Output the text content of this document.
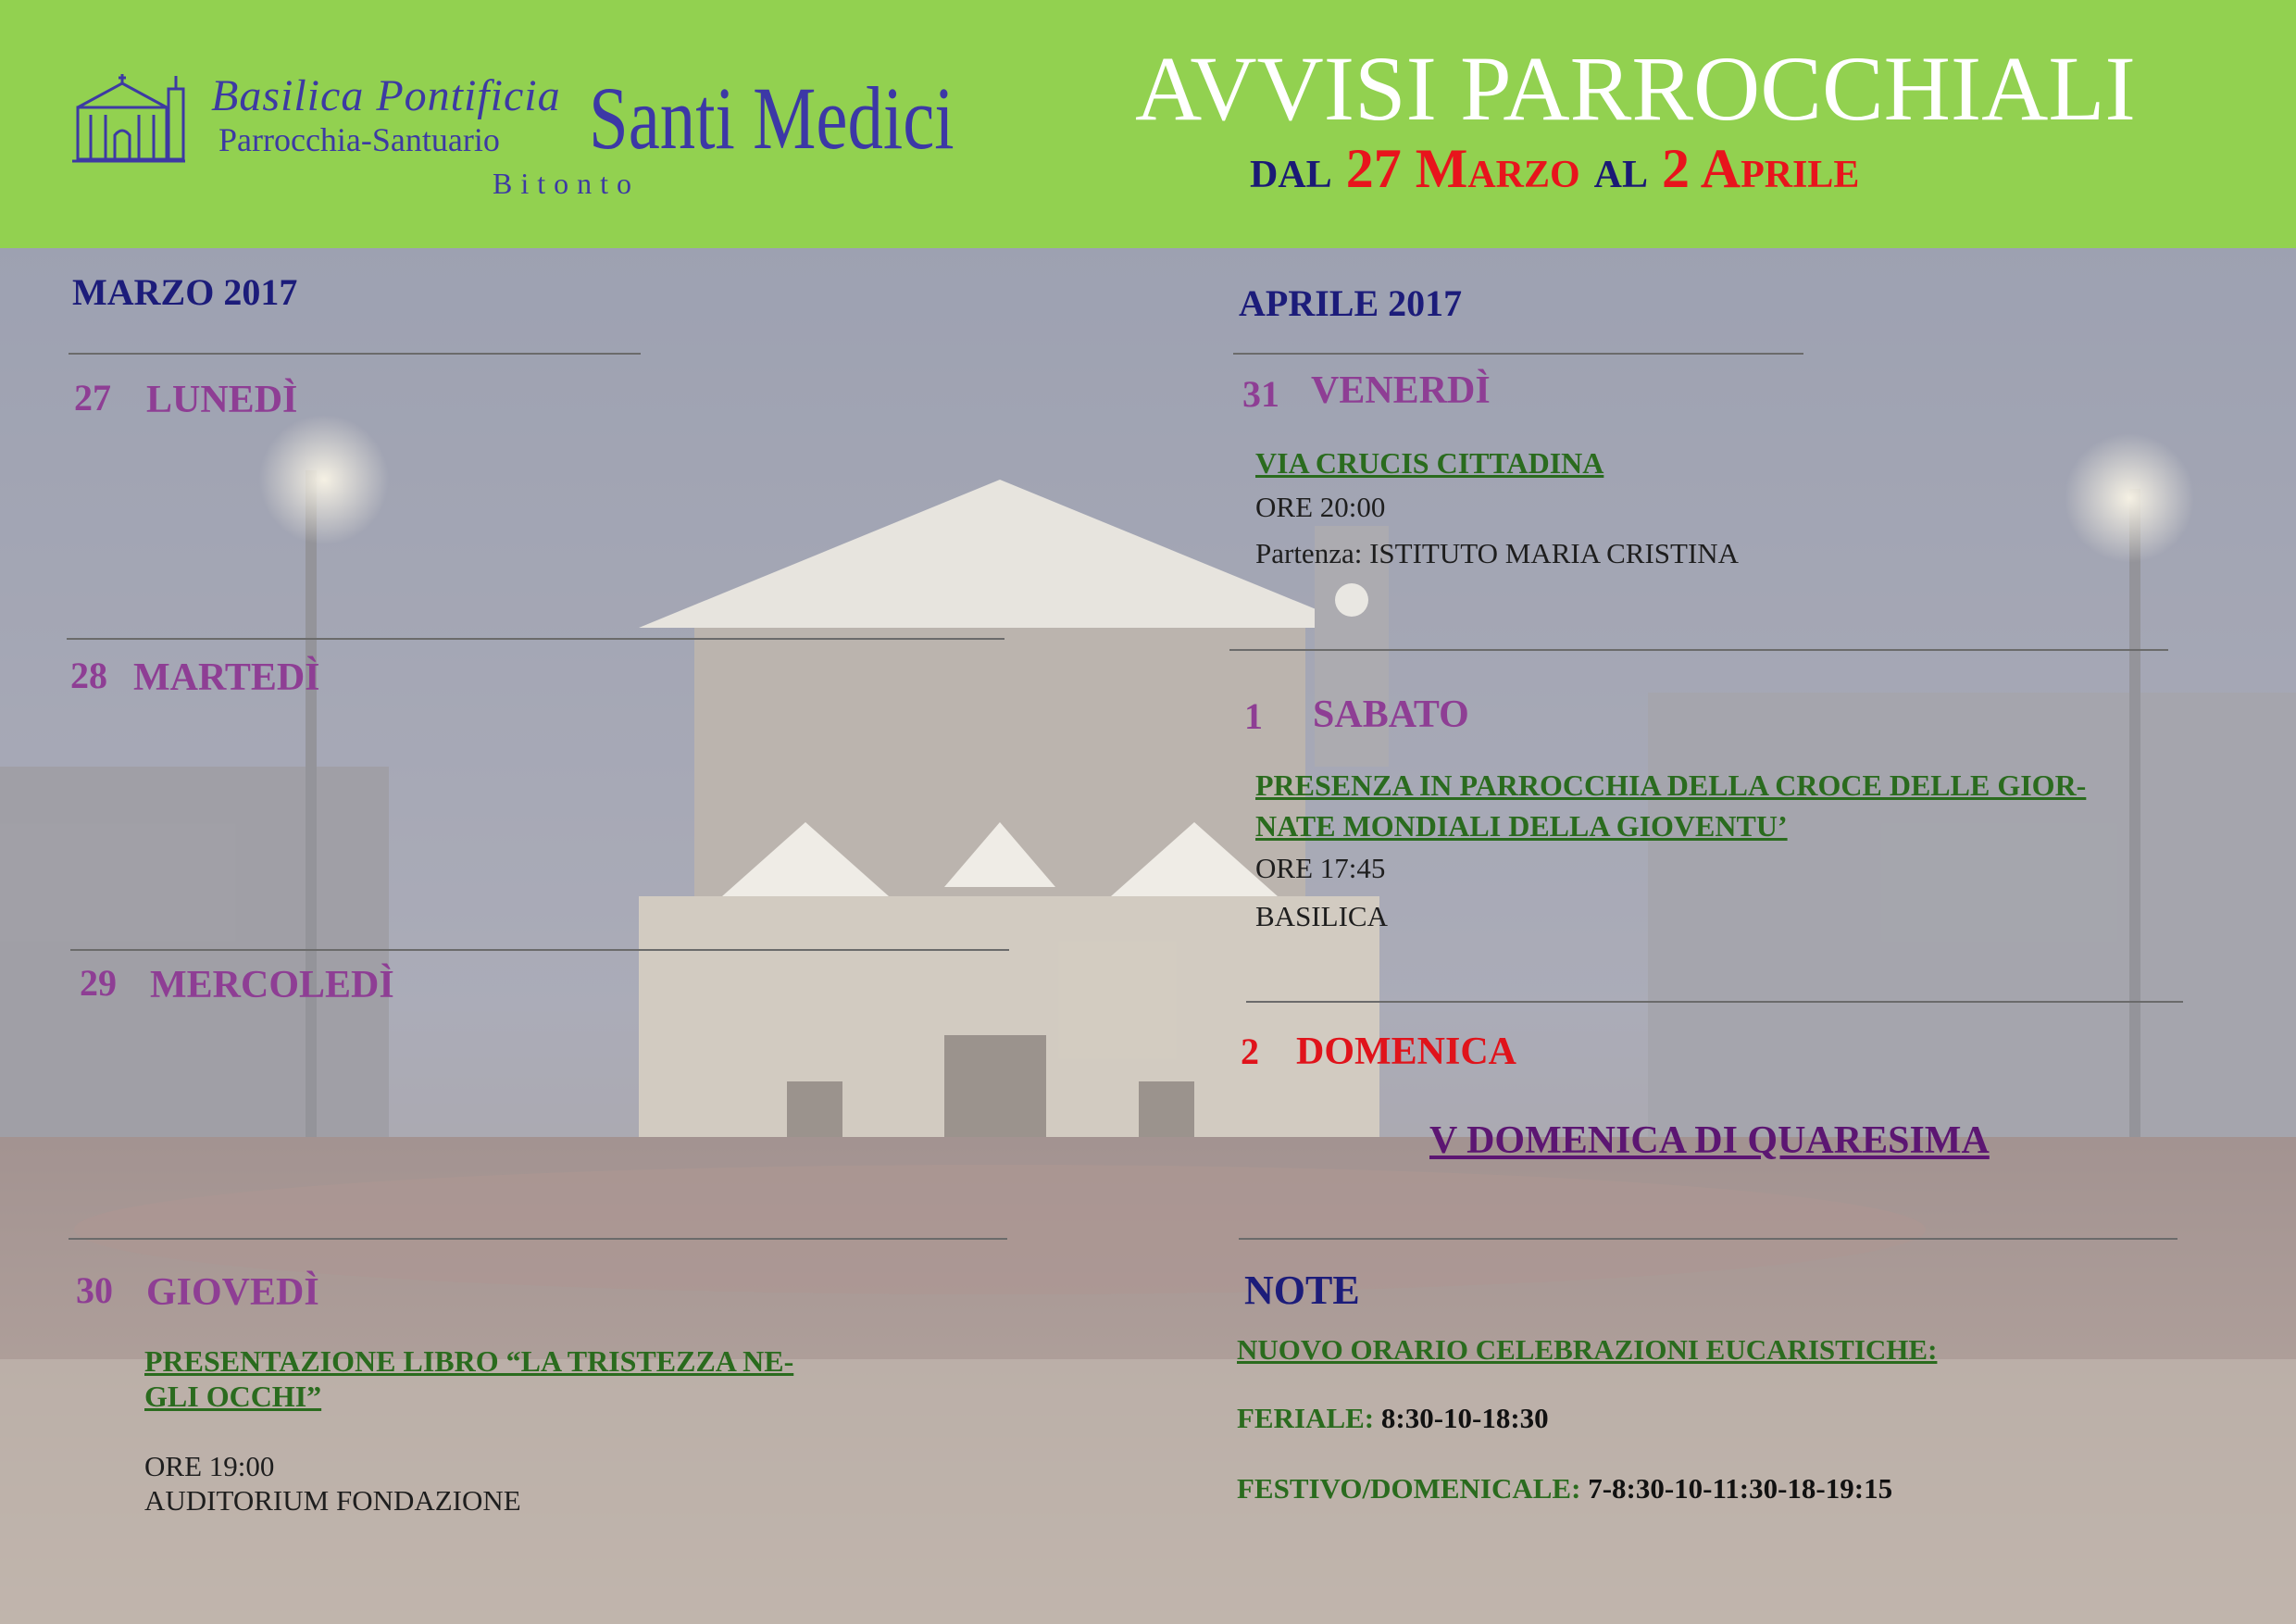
Basilica Pontificia
Parrocchia-Santuario
Bitonto
Santi Medici AVVISI PARROCCHIALI
dal 27 Marzo al 2 Aprile
MARZO 2017
27 LUNEDÌ
28 MARTEDÌ
29 MERCOLEDÌ
30 GIOVEDÌ
PRESENTAZIONE LIBRO “LA TRISTEZZA NE-
GLI OCCHI”
ORE 19:00
AUDITORIUM FONDAZIONE
APRILE 2017
31 VENERDÌ
VIA CRUCIS CITTADINA
ORE 20:00
Partenza: ISTITUTO MARIA CRISTINA
1 SABATO
PRESENZA IN PARROCCHIA DELLA CROCE DELLE GIOR-
NATE MONDIALI DELLA GIOVENTU’
ORE 17:45
BASILICA
2 DOMENICA
V DOMENICA DI QUARESIMA
NOTE
NUOVO ORARIO CELEBRAZIONI EUCARISTICHE:
FERIALE: 8:30-10-18:30
FESTIVO/DOMENICALE: 7-8:30-10-11:30-18-19:15
